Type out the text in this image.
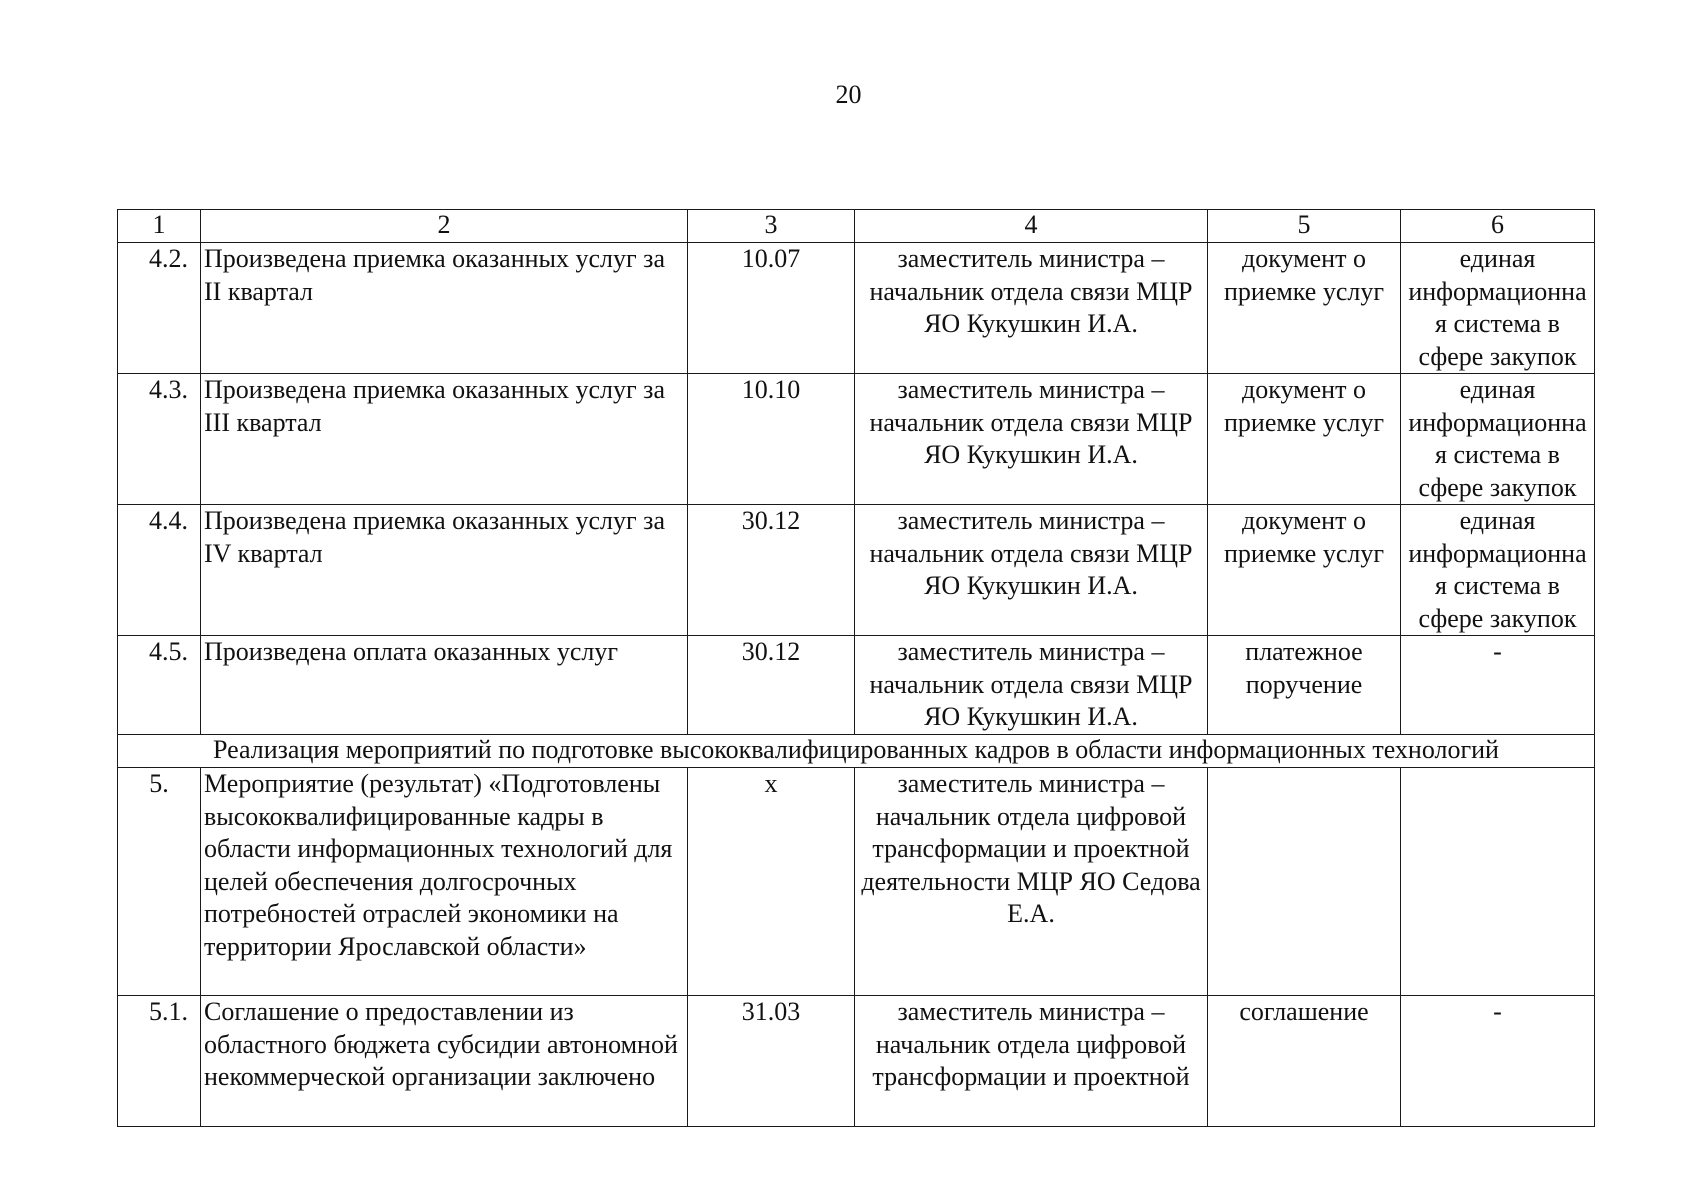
20
1	2	3	4	5	6
4.2.	Произведена приемка оказанных услуг за II квартал	10.07	заместитель министра – начальник отдела связи МЦР ЯО Кукушкин И.А.	документ о приемке услуг	единая информационная система в сфере закупок
4.3.	Произведена приемка оказанных услуг за III квартал	10.10	заместитель министра – начальник отдела связи МЦР ЯО Кукушкин И.А.	документ о приемке услуг	единая информационная система в сфере закупок
4.4.	Произведена приемка оказанных услуг за IV квартал	30.12	заместитель министра – начальник отдела связи МЦР ЯО Кукушкин И.А.	документ о приемке услуг	единая информационная система в сфере закупок
4.5.	Произведена оплата оказанных услуг	30.12	заместитель министра – начальник отдела связи МЦР ЯО Кукушкин И.А.	платежное поручение	-
Реализация мероприятий по подготовке высококвалифицированных кадров в области информационных технологий					
5.	Мероприятие (результат) «Подготовлены высококвалифицированные кадры в области информационных технологий для целей обеспечения долгосрочных потребностей отраслей экономики на территории Ярославской области»	х	заместитель министра – начальник отдела цифровой трансформации и проектной деятельности МЦР ЯО Седова Е.А.		
5.1.	Соглашение о предоставлении из областного бюджета субсидии автономной некоммерческой организации заключено	31.03	заместитель министра – начальник отдела цифровой трансформации и проектной	соглашение	-
